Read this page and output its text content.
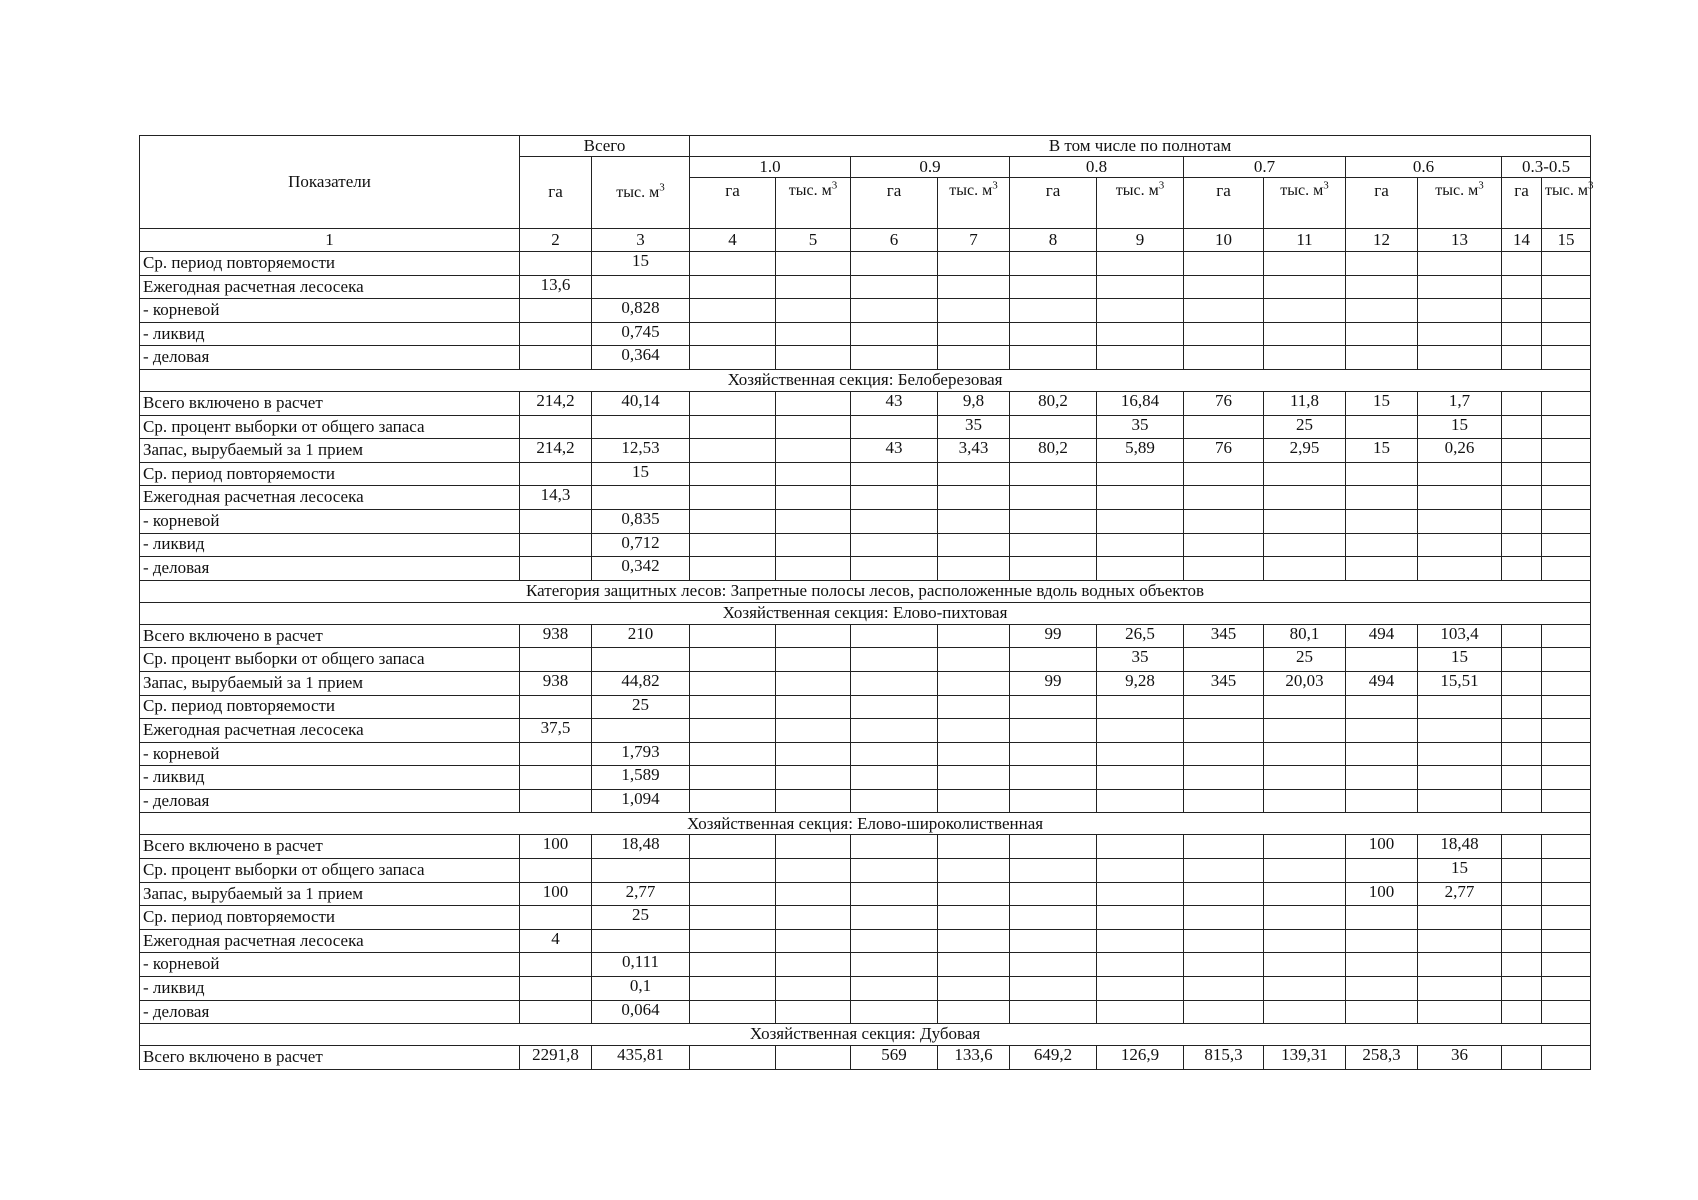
Показатели	Всего		В том числе по полнотам											
	га	тыс. $м^3$	1.0		0.9		0.8		0.7		0.6		0.3-0.5	
			га	тыс. $м^3$	га	тыс. $м^3$	га	тыс. $м^3$	га	тыс. $м^3$	га	тыс. $м^3$	га	тыс. $м^3$
1	2	3	4	5	6	7	8	9	10	11	12	13	14	15
Ср. период повторяемости		15												
Ежегодная расчетная лесосека	13,6													
- корневой		0,828												
- ликвид		0,745												
- деловая		0,364												
Хозяйственная секция: Белоберезовая														
Всего включено в расчет	214,2	40,14			43	9,8	80,2	16,84	76	11,8	15	1,7		
Ср. процент выборки от общего запаса						35		35		25		15		
Запас, вырубаемый за 1 прием	214,2	12,53			43	3,43	80,2	5,89	76	2,95	15	0,26		
Ср. период повторяемости		15												
Ежегодная расчетная лесосека	14,3													
- корневой		0,835												
- ликвид		0,712												
- деловая		0,342												
Категория защитных лесов: Запретные полосы лесов, расположенные вдоль водных объектов														
Хозяйственная секция: Елово-пихтовая														
Всего включено в расчет	938	210					99	26,5	345	80,1	494	103,4		
Ср. процент выборки от общего запаса								35		25		15		
Запас, вырубаемый за 1 прием	938	44,82					99	9,28	345	20,03	494	15,51		
Ср. период повторяемости		25												
Ежегодная расчетная лесосека	37,5													
- корневой		1,793												
- ликвид		1,589												
- деловая		1,094												
Хозяйственная секция: Елово-широколиственная														
Всего включено в расчет	100	18,48									100	18,48		
Ср. процент выборки от общего запаса												15		
Запас, вырубаемый за 1 прием	100	2,77									100	2,77		
Ср. период повторяемости		25												
Ежегодная расчетная лесосека	4													
- корневой		0,111												
- ликвид		0,1												
- деловая		0,064												
Хозяйственная секция: Дубовая														
Всего включено в расчет	2291,8	435,81			569	133,6	649,2	126,9	815,3	139,31	258,3	36		
